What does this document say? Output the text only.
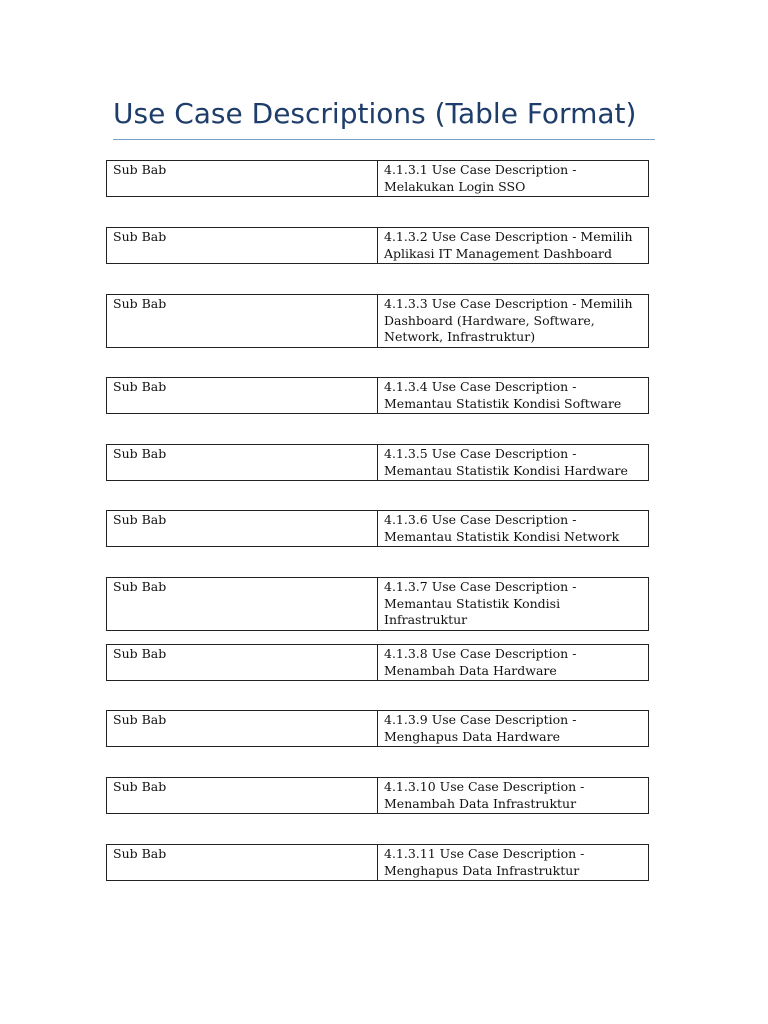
Use Case Descriptions (Table Format)
Sub Bab	4.1.3.1 Use Case Description - Melakukan Login SSO
Sub Bab	4.1.3.2 Use Case Description - Memilih Aplikasi IT Management Dashboard
Sub Bab	4.1.3.3 Use Case Description - Memilih Dashboard (Hardware, Software, Network, Infrastruktur)
Sub Bab	4.1.3.4 Use Case Description - Memantau Statistik Kondisi Software
Sub Bab	4.1.3.5 Use Case Description - Memantau Statistik Kondisi Hardware
Sub Bab	4.1.3.6 Use Case Description - Memantau Statistik Kondisi Network
Sub Bab	4.1.3.7 Use Case Description - Memantau Statistik Kondisi Infrastruktur
Sub Bab	4.1.3.8 Use Case Description - Menambah Data Hardware
Sub Bab	4.1.3.9 Use Case Description - Menghapus Data Hardware
Sub Bab	4.1.3.10 Use Case Description - Menambah Data Infrastruktur
Sub Bab	4.1.3.11 Use Case Description - Menghapus Data Infrastruktur
